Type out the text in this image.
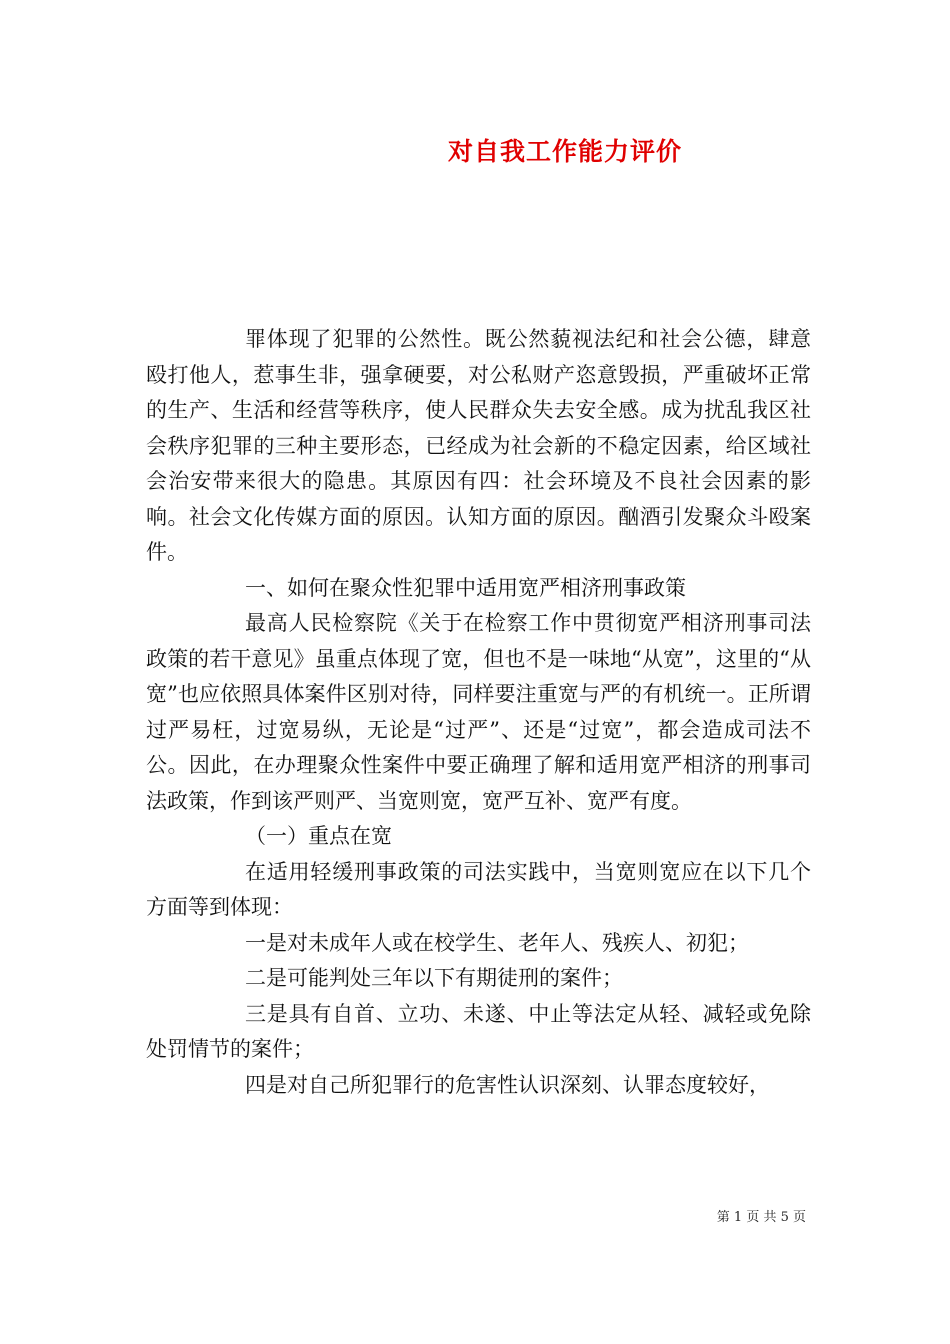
对自我工作能力评价

罪体现了犯罪的公然性。既公然藐视法纪和社会公德，肆意殴打他人，惹事生非，强拿硬要，对公私财产恣意毁损，严重破坏正常的生产、生活和经营等秩序，使人民群众失去安全感。成为扰乱我区社会秩序犯罪的三种主要形态，已经成为社会新的不稳定因素，给区域社会治安带来很大的隐患。其原因有四：社会环境及不良社会因素的影响。社会文化传媒方面的原因。认知方面的原因。酗酒引发聚众斗殴案件。

一、如何在聚众性犯罪中适用宽严相济刑事政策

最高人民检察院《关于在检察工作中贯彻宽严相济刑事司法政策的若干意见》虽重点体现了宽，但也不是一味地“从宽”，这里的“从宽”也应依照具体案件区别对待，同样要注重宽与严的有机统一。正所谓过严易枉，过宽易纵，无论是“过严”、还是“过宽”，都会造成司法不公。因此，在办理聚众性案件中要正确理了解和适用宽严相济的刑事司法政策，作到该严则严、当宽则宽，宽严互补、宽严有度。

（一）重点在宽

在适用轻缓刑事政策的司法实践中，当宽则宽应在以下几个方面等到体现：

一是对未成年人或在校学生、老年人、残疾人、初犯；

二是可能判处三年以下有期徒刑的案件；

三是具有自首、立功、未遂、中止等法定从轻、减轻或免除处罚情节的案件；

四是对自己所犯罪行的危害性认识深刻、认罪态度较好，

第 1 页 共 5 页
